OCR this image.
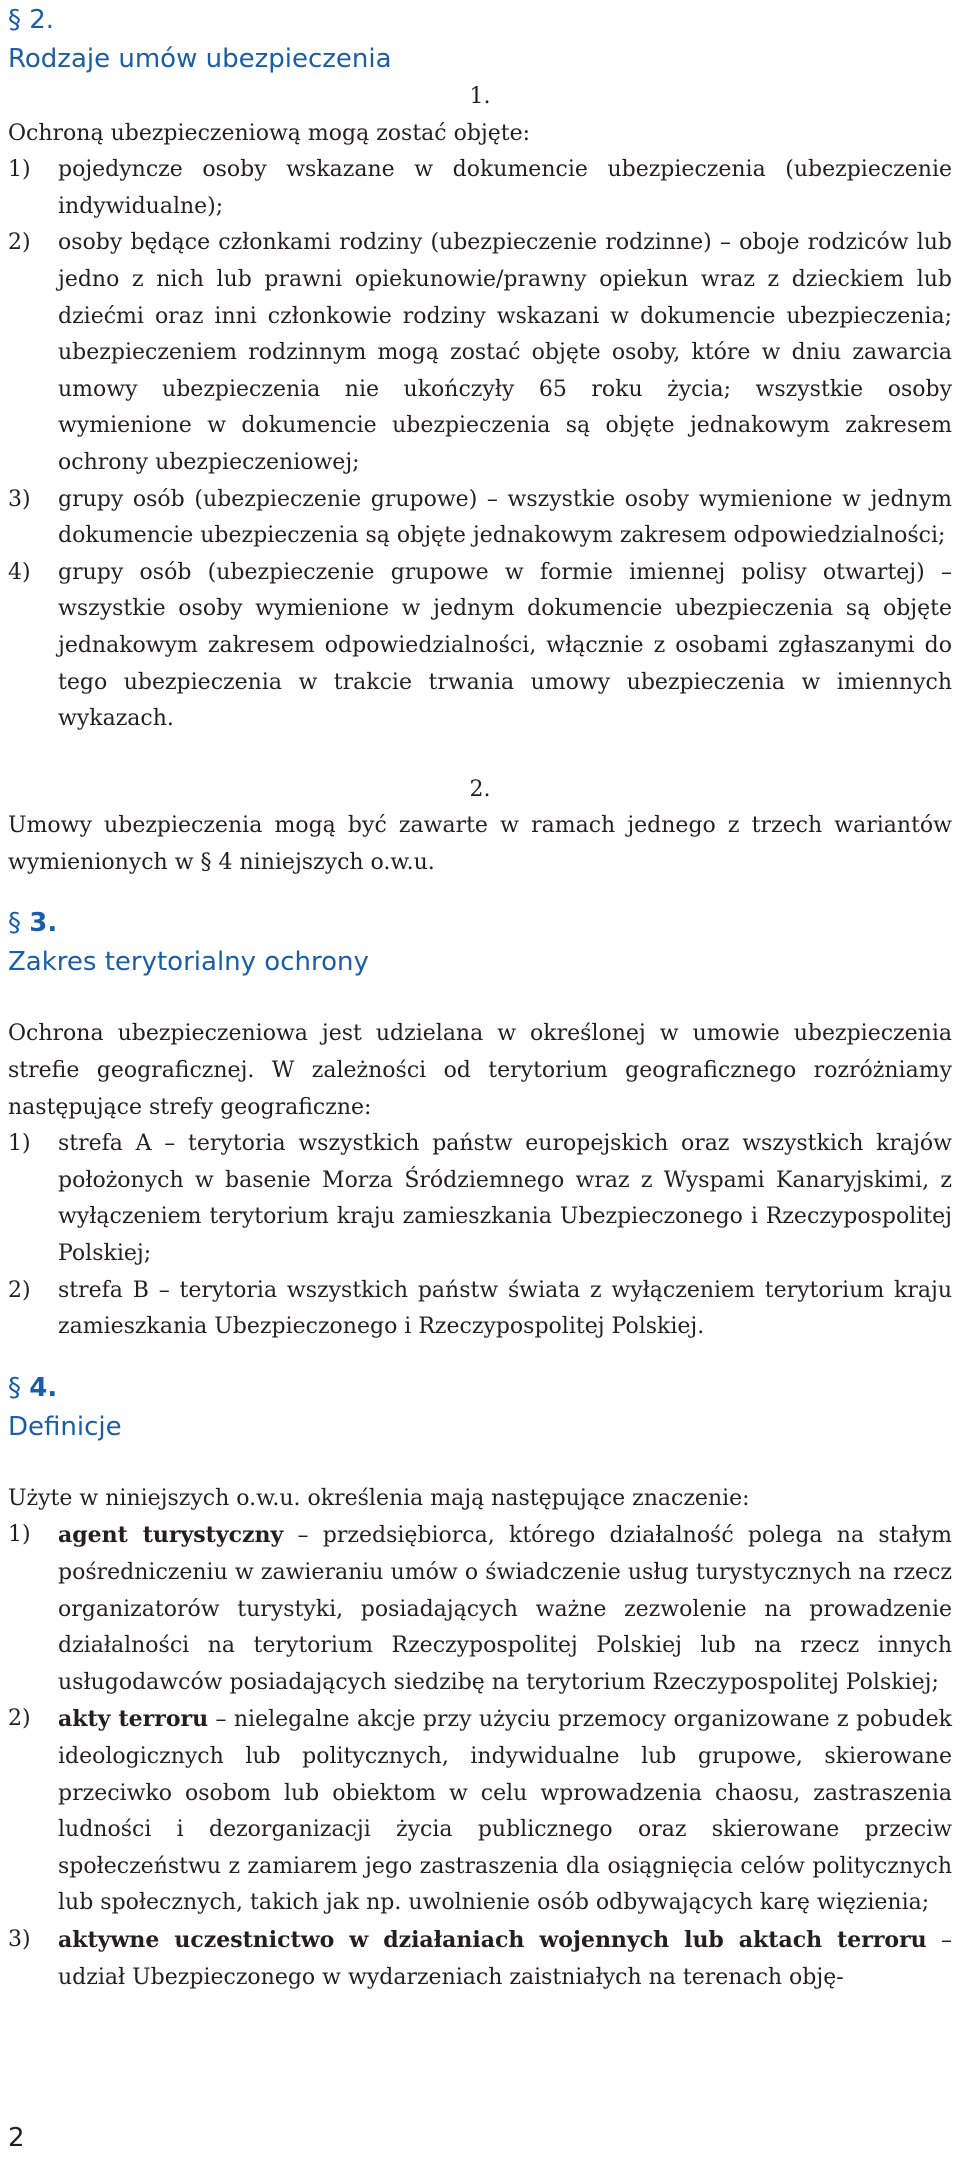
§ 2.
Rodzaje umów ubezpieczenia
1.

Ochroną ubezpieczeniową mogą zostać objęte:

1) pojedyncze osoby wskazane w dokumencie ubezpieczenia (ubezpieczenie indywidualne);
2) osoby będące członkami rodziny (ubezpieczenie rodzinne) – oboje rodziców lub jedno z nich lub prawni opiekunowie/prawny opiekun wraz z dzieckiem lub dziećmi oraz inni członkowie rodziny wskazani w dokumencie ubezpieczenia; ubezpieczeniem rodzinnym mogą zostać objęte osoby, które w dniu zawarcia umowy ubezpieczenia nie ukończyły 65 roku życia; wszystkie osoby wymienione w dokumencie ubezpieczenia są objęte jednakowym zakresem ochrony ubezpieczeniowej;
3) grupy osób (ubezpieczenie grupowe) – wszystkie osoby wymienione w jednym dokumencie ubezpieczenia są objęte jednakowym zakresem odpowiedzialności;
4) grupy osób (ubezpieczenie grupowe w formie imiennej polisy otwartej) – wszystkie osoby wymienione w jednym dokumencie ubezpieczenia są objęte jednakowym zakresem odpowiedzialności, włącznie z osobami zgłaszanymi do tego ubezpieczenia w trakcie trwania umowy ubezpieczenia w imiennych wykazach.
2.

Umowy ubezpieczenia mogą być zawarte w ramach jednego z trzech wariantów wymienionych w § 4 niniejszych o.w.u.

§ 3.
Zakres terytorialny ochrony

Ochrona ubezpieczeniowa jest udzielana w określonej w umowie ubezpieczenia strefie geograficznej. W zależności od terytorium geograficznego rozróżniamy następujące strefy geograficzne:

1) strefa A – terytoria wszystkich państw europejskich oraz wszystkich krajów położonych w basenie Morza Śródziemnego wraz z Wyspami Kanaryjskimi, z wyłączeniem terytorium kraju zamieszkania Ubezpieczonego i Rzeczypospolitej Polskiej;
2) strefa B – terytoria wszystkich państw świata z wyłączeniem terytorium kraju zamieszkania Ubezpieczonego i Rzeczypospolitej Polskiej.
§ 4.
Definicje

Użyte w niniejszych o.w.u. określenia mają następujące znaczenie:

1) agent turystyczny – przedsiębiorca, którego działalność polega na stałym pośredniczeniu w zawieraniu umów o świadczenie usług turystycznych na rzecz organizatorów turystyki, posiadających ważne zezwolenie na prowadzenie działalności na terytorium Rzeczypospolitej Polskiej lub na rzecz innych usługodawców posiadających siedzibę na terytorium Rzeczypospolitej Polskiej;
2) akty terroru – nielegalne akcje przy użyciu przemocy organizowane z pobudek ideologicznych lub politycznych, indywidualne lub grupowe, skierowane przeciwko osobom lub obiektom w celu wprowadzenia chaosu, zastraszenia ludności i dezorganizacji życia publicznego oraz skierowane przeciw społeczeństwu z zamiarem jego zastraszenia dla osiągnięcia celów politycznych lub społecznych, takich jak np. uwolnienie osób odbywających karę więzienia;
3) aktywne uczestnictwo w działaniach wojennych lub aktach terroru – udział Ubezpieczonego w wydarzeniach zaistniałych na terenach obję-
2
